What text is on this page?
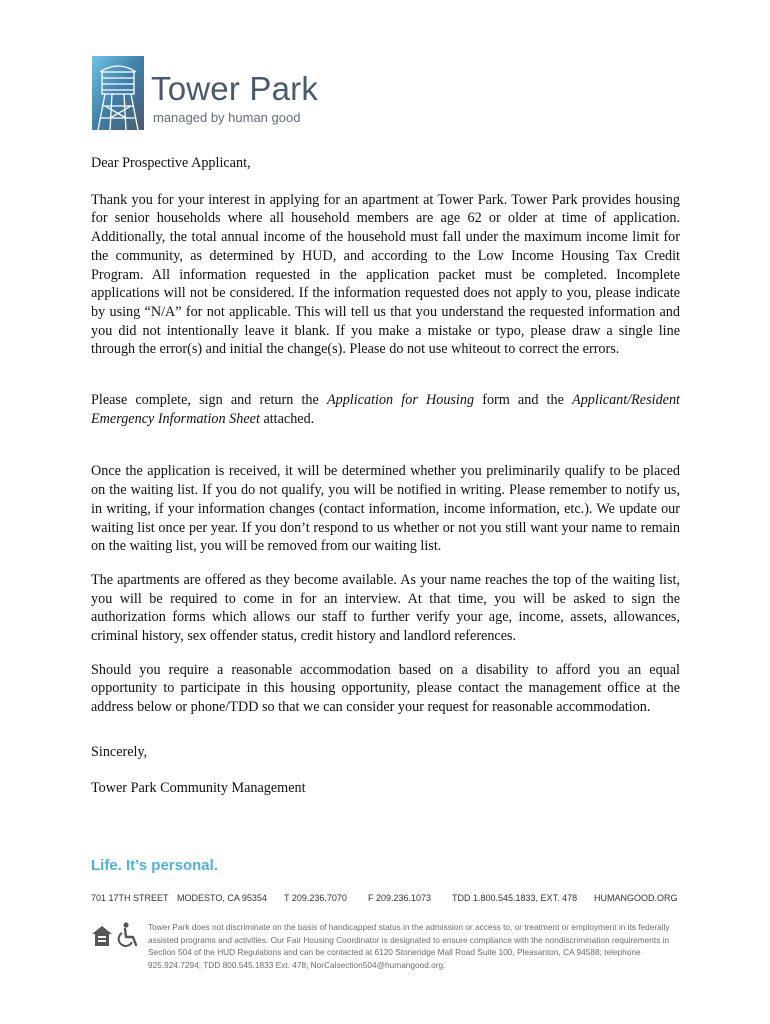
Tower Park
managed by human good

Dear Prospective Applicant,

Thank you for your interest in applying for an apartment at Tower Park. Tower Park provides housing for senior households where all household members are age 62 or older at time of application. Additionally, the total annual income of the household must fall under the maximum income limit for the community, as determined by HUD, and according to the Low Income Housing Tax Credit Program. All information requested in the application packet must be completed. Incomplete applications will not be considered. If the information requested does not apply to you, please indicate by using “N/A” for not applicable. This will tell us that you understand the requested information and you did not intentionally leave it blank. If you make a mistake or typo, please draw a single line through the error(s) and initial the change(s). Please do not use whiteout to correct the errors.

Please complete, sign and return the Application for Housing form and the Applicant/Resident Emergency Information Sheet attached.

Once the application is received, it will be determined whether you preliminarily qualify to be placed on the waiting list. If you do not qualify, you will be notified in writing. Please remember to notify us, in writing, if your information changes (contact information, income information, etc.). We update our waiting list once per year. If you don’t respond to us whether or not you still want your name to remain on the waiting list, you will be removed from our waiting list.

The apartments are offered as they become available. As your name reaches the top of the waiting list, you will be required to come in for an interview. At that time, you will be asked to sign the authorization forms which allows our staff to further verify your age, income, assets, allowances, criminal history, sex offender status, credit history and landlord references.

Should you require a reasonable accommodation based on a disability to afford you an equal opportunity to participate in this housing opportunity, please contact the management office at the address below or phone/TDD so that we can consider your request for reasonable accommodation.

Sincerely,

Tower Park Community Management

Life. It’s personal.
701 17TH STREET MODESTO, CA 95354 T 209.236.7070 F 209.236.1073 TDD 1.800.545.1833, EXT. 478 HUMANGOOD.ORG
Tower Park does not discriminate on the basis of handicapped status in the admission or access to, or treatment or employment in its federally assisted programs and activities. Our Fair Housing Coordinator is designated to ensure compliance with the nondiscrimination requirements in Section 504 of the HUD Regulations and can be contacted at 6120 Stoneridge Mall Road Suite 100, Pleasanton, CA 94588; telephone 925.924.7294; TDD 800.545.1833 Ext. 478; NorCalsection504@humangood.org.
